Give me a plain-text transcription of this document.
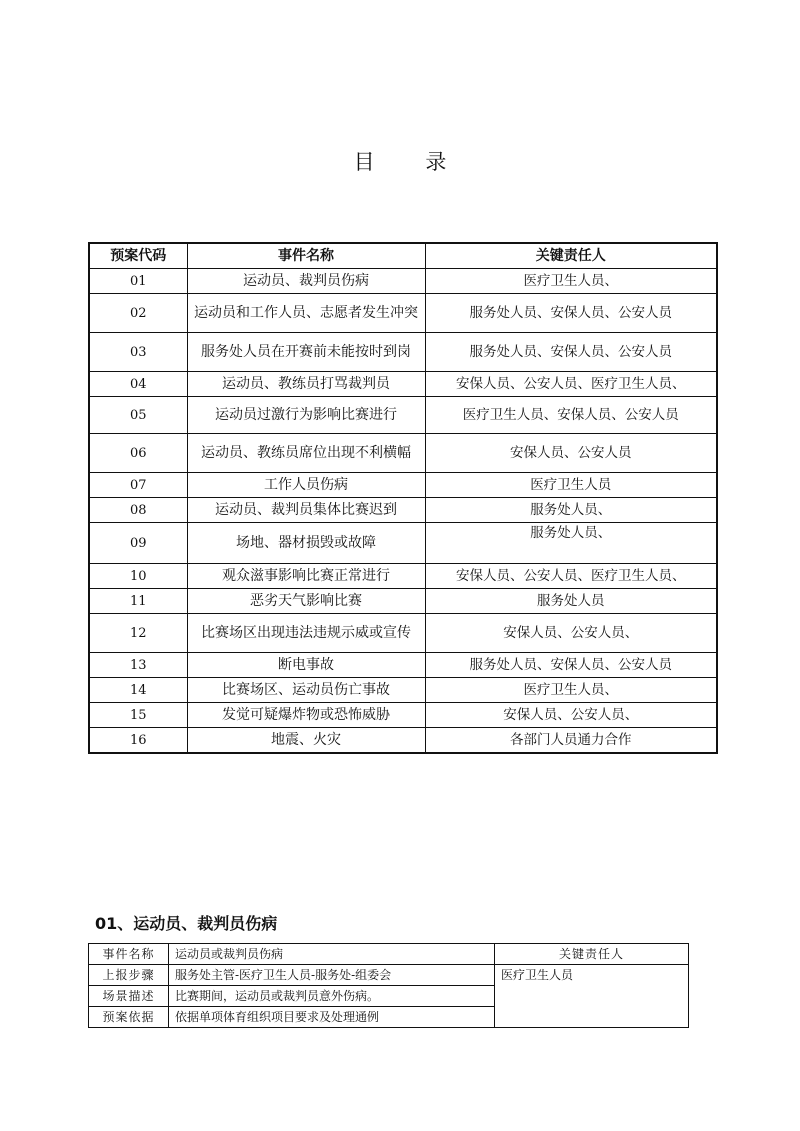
目 录
预案代码	事件名称	关键责任人
01	运动员、裁判员伤病	医疗卫生人员、
02	运动员和工作人员、志愿者发生冲突	服务处人员、安保人员、公安人员
03	服务处人员在开赛前未能按时到岗	服务处人员、安保人员、公安人员
04	运动员、教练员打骂裁判员	安保人员、公安人员、医疗卫生人员、
05	运动员过激行为影响比赛进行	医疗卫生人员、安保人员、公安人员
06	运动员、教练员席位出现不利横幅	安保人员、公安人员
07	工作人员伤病	医疗卫生人员
08	运动员、裁判员集体比赛迟到	服务处人员、
09	场地、器材损毁或故障	服务处人员、
10	观众滋事影响比赛正常进行	安保人员、公安人员、医疗卫生人员、
11	恶劣天气影响比赛	服务处人员
12	比赛场区出现违法违规示威或宣传	安保人员、公安人员、
13	断电事故	服务处人员、安保人员、公安人员
14	比赛场区、运动员伤亡事故	医疗卫生人员、
15	发觉可疑爆炸物或恐怖威胁	安保人员、公安人员、
16	地震、火灾	各部门人员通力合作
01、运动员、裁判员伤病
事件名称	运动员或裁判员伤病	关键责任人
上报步骤	服务处主管-医疗卫生人员-服务处-组委会	医疗卫生人员
场景描述	比赛期间，运动员或裁判员意外伤病。	
预案依据	依据单项体育组织项目要求及处理通例	
